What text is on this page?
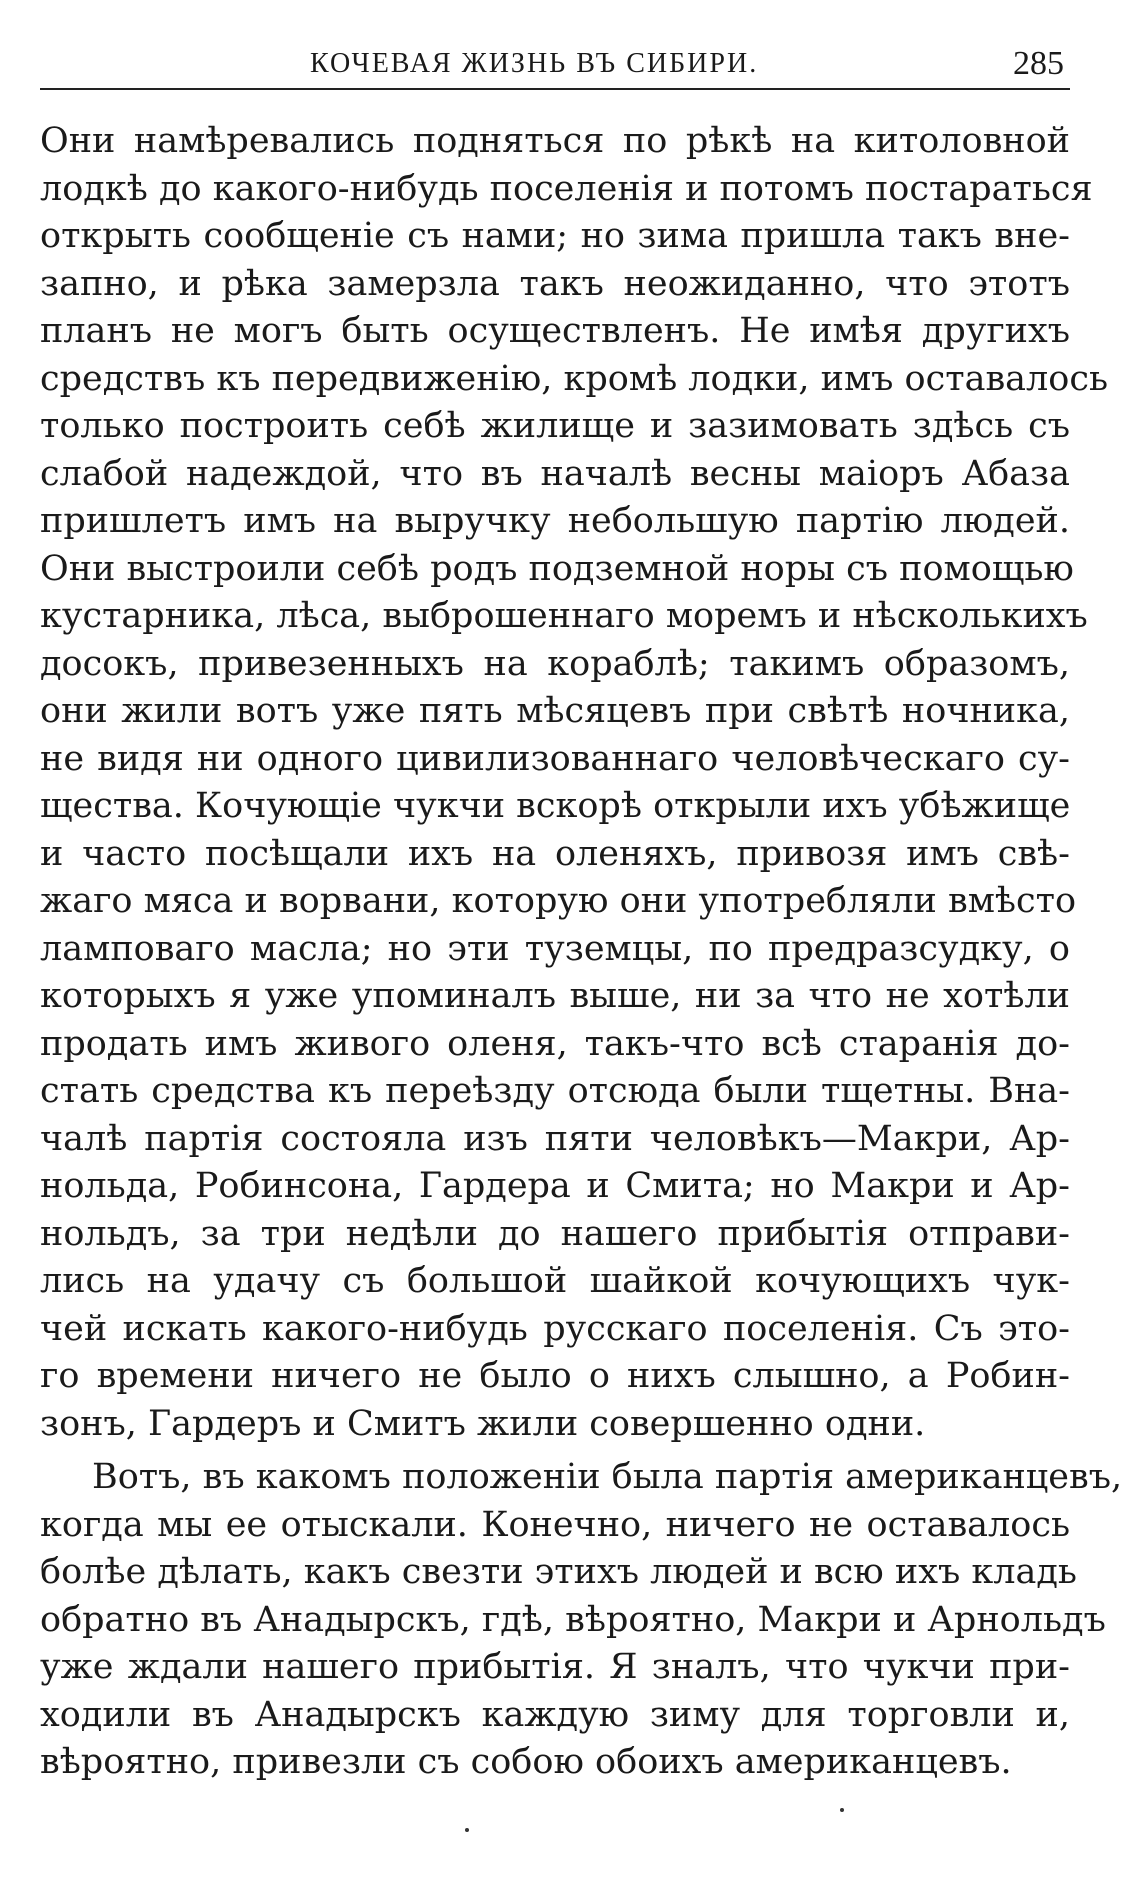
КОЧЕВАЯ ЖИЗНЬ ВЪ СИБИРИ.	285
Они намѣревались подняться по рѣкѣ на китоловной
лодкѣ до какого-нибудь поселенія и потомъ постараться
открыть сообщеніе съ нами; но зима пришла такъ вне-
запно, и рѣка замерзла такъ неожиданно, что этотъ
планъ не могъ быть осуществленъ. Не имѣя другихъ
средствъ къ передвиженію, кромѣ лодки, имъ оставалось
только построить себѣ жилище и зазимовать здѣсь съ
слабой надеждой, что въ началѣ весны маіоръ Абаза
пришлетъ имъ на выручку небольшую партію людей.
Они выстроили себѣ родъ подземной норы съ помощью
кустарника, лѣса, выброшеннаго моремъ и нѣсколькихъ
досокъ, привезенныхъ на кораблѣ; такимъ образомъ,
они жили вотъ уже пять мѣсяцевъ при свѣтѣ ночника,
не видя ни одного цивилизованнаго человѣческаго су-
щества. Кочующіе чукчи вскорѣ открыли ихъ убѣжище
и часто посѣщали ихъ на оленяхъ, привозя имъ свѣ-
жаго мяса и ворвани, которую они употребляли вмѣсто
ламповаго масла; но эти туземцы, по предразсудку, о
которыхъ я уже упоминалъ выше, ни за что не хотѣли
продать имъ живого оленя, такъ-что всѣ старанія до-
стать средства къ переѣзду отсюда были тщетны. Вна-
чалѣ партія состояла изъ пяти человѣкъ—Макри, Ар-
нольда, Робинсона, Гардера и Смита; но Макри и Ар-
нольдъ, за три недѣли до нашего прибытія отправи-
лись на удачу съ большой шайкой кочующихъ чук-
чей искать какого-нибудь русскаго поселенія. Съ это-
го времени ничего не было о нихъ слышно, а Робин-
зонъ, Гардеръ и Смитъ жили совершенно одни.
Вотъ, въ какомъ положеніи была партія американцевъ,
когда мы ее отыскали. Конечно, ничего не оставалось
болѣе дѣлать, какъ свезти этихъ людей и всю ихъ кладь
обратно въ Анадырскъ, гдѣ, вѣроятно, Макри и Арнольдъ
уже ждали нашего прибытія. Я зналъ, что чукчи при-
ходили въ Анадырскъ каждую зиму для торговли и,
вѣроятно, привезли съ собою обоихъ американцевъ.
